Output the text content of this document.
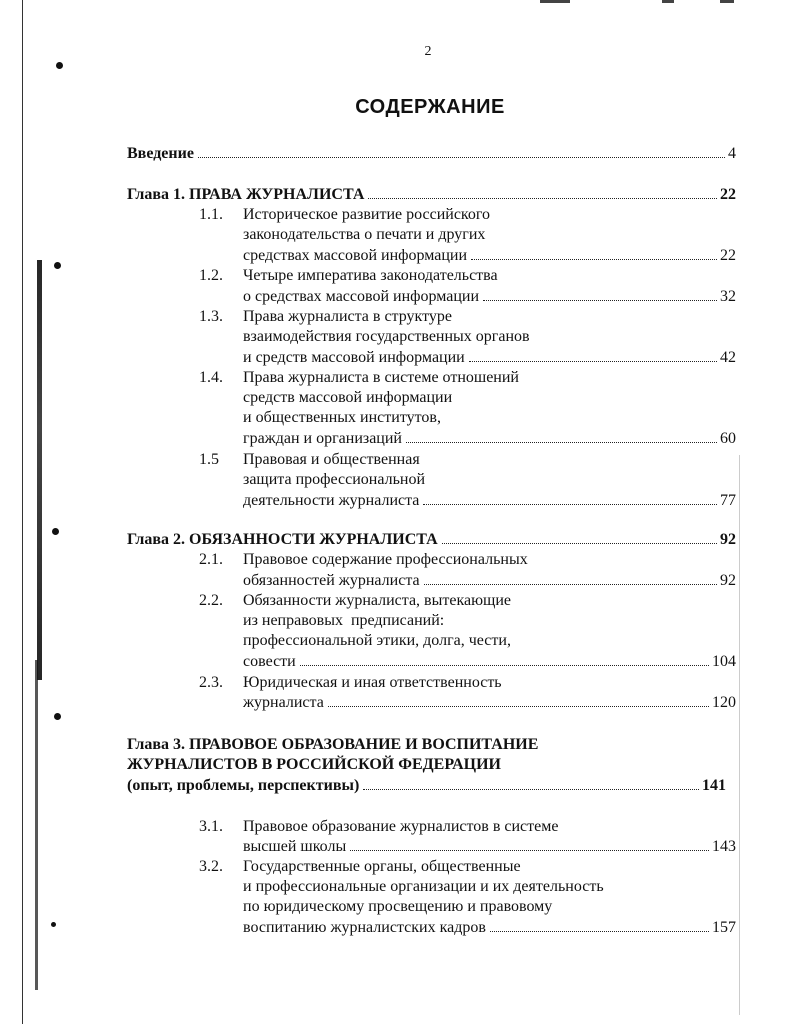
2
СОДЕРЖАНИЕ
Введение	4
Глава 1. ПРАВА ЖУРНАЛИСТА	22
1.1. Историческое развитие российского
законодательства о печати и других
средствах массовой информации	22
1.2. Четыре императива законодательства
о средствах массовой информации	32
1.3. Права журналиста в структуре
взаимодействия государственных органов
и средств массовой информации	42
1.4. Права журналиста в системе отношений
средств массовой информации
и общественных институтов,
граждан и организаций	60
1.5 Правовая и общественная
защита профессиональной
деятельности журналиста	77
Глава 2. ОБЯЗАННОСТИ ЖУРНАЛИСТА	92
2.1. Правовое содержание профессиональных
обязанностей журналиста	92
2.2. Обязанности журналиста, вытекающие
из неправовых  предписаний:
профессиональной этики, долга, чести,
совести	104
2.3. Юридическая и иная ответственность
журналиста	120
Глава 3. ПРАВОВОЕ ОБРАЗОВАНИЕ И ВОСПИТАНИЕ
ЖУРНАЛИСТОВ В РОССИЙСКОЙ ФЕДЕРАЦИИ
(опыт, проблемы, перспективы)	141
3.1. Правовое образование журналистов в системе
высшей школы	143
3.2. Государственные органы, общественные
и профессиональные организации и их деятельность
по юридическому просвещению и правовому
воспитанию журналистских кадров	157
